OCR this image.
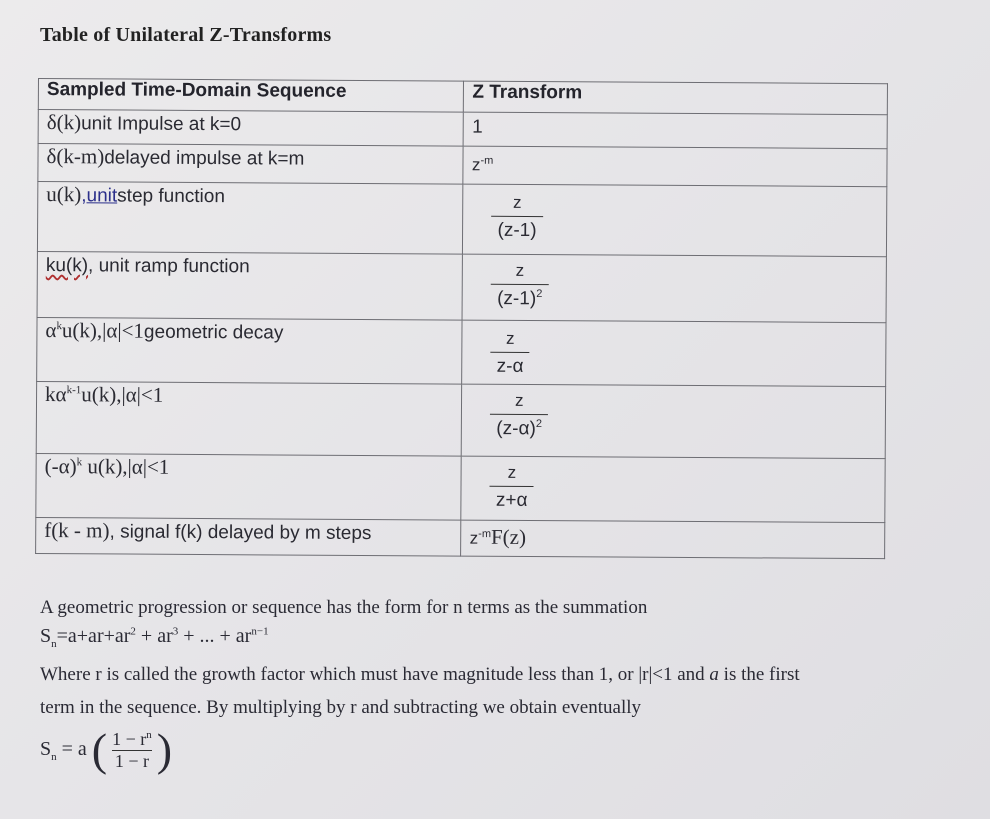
Table of Unilateral Z-Transforms
Sampled Time-Domain Sequence	Z Transform
δ(k)unit Impulse at k=0	1
δ(k-m)delayed impulse at k=m	$z^{-m}$
u(k),unitstep function	$\frac{z}{(z-1)}$

ku(k), unit ramp function	$\frac{z}{(z-1)^2}$

$\alpha^ku(k),|\alpha|<1geometric$ decay	$\frac{z}{z-\alpha}$

$k\alpha^{k-1}u(k),|\alpha|<1$	$\frac{z}{(z-\alpha)^2}$

$(-\alpha)^k$ u(k),|α|<1	$\frac{z}{z+\alpha}$

f(k - m), signal f(k) delayed by m steps	$z^{-m}F(z)$
A geometric progression or sequence has the form for n terms as the summation
$S_n=a+ar+ar^2 + ar^3$ + ... + $ar^{n-1}$
Where r is called the growth factor which must have magnitude less than 1, or |r|<1 and a is the first
term in the sequence. By multiplying by r and subtracting we obtain eventually
$S_n = a$ ( $\frac{1 - r^n}{1 - r}$ )
